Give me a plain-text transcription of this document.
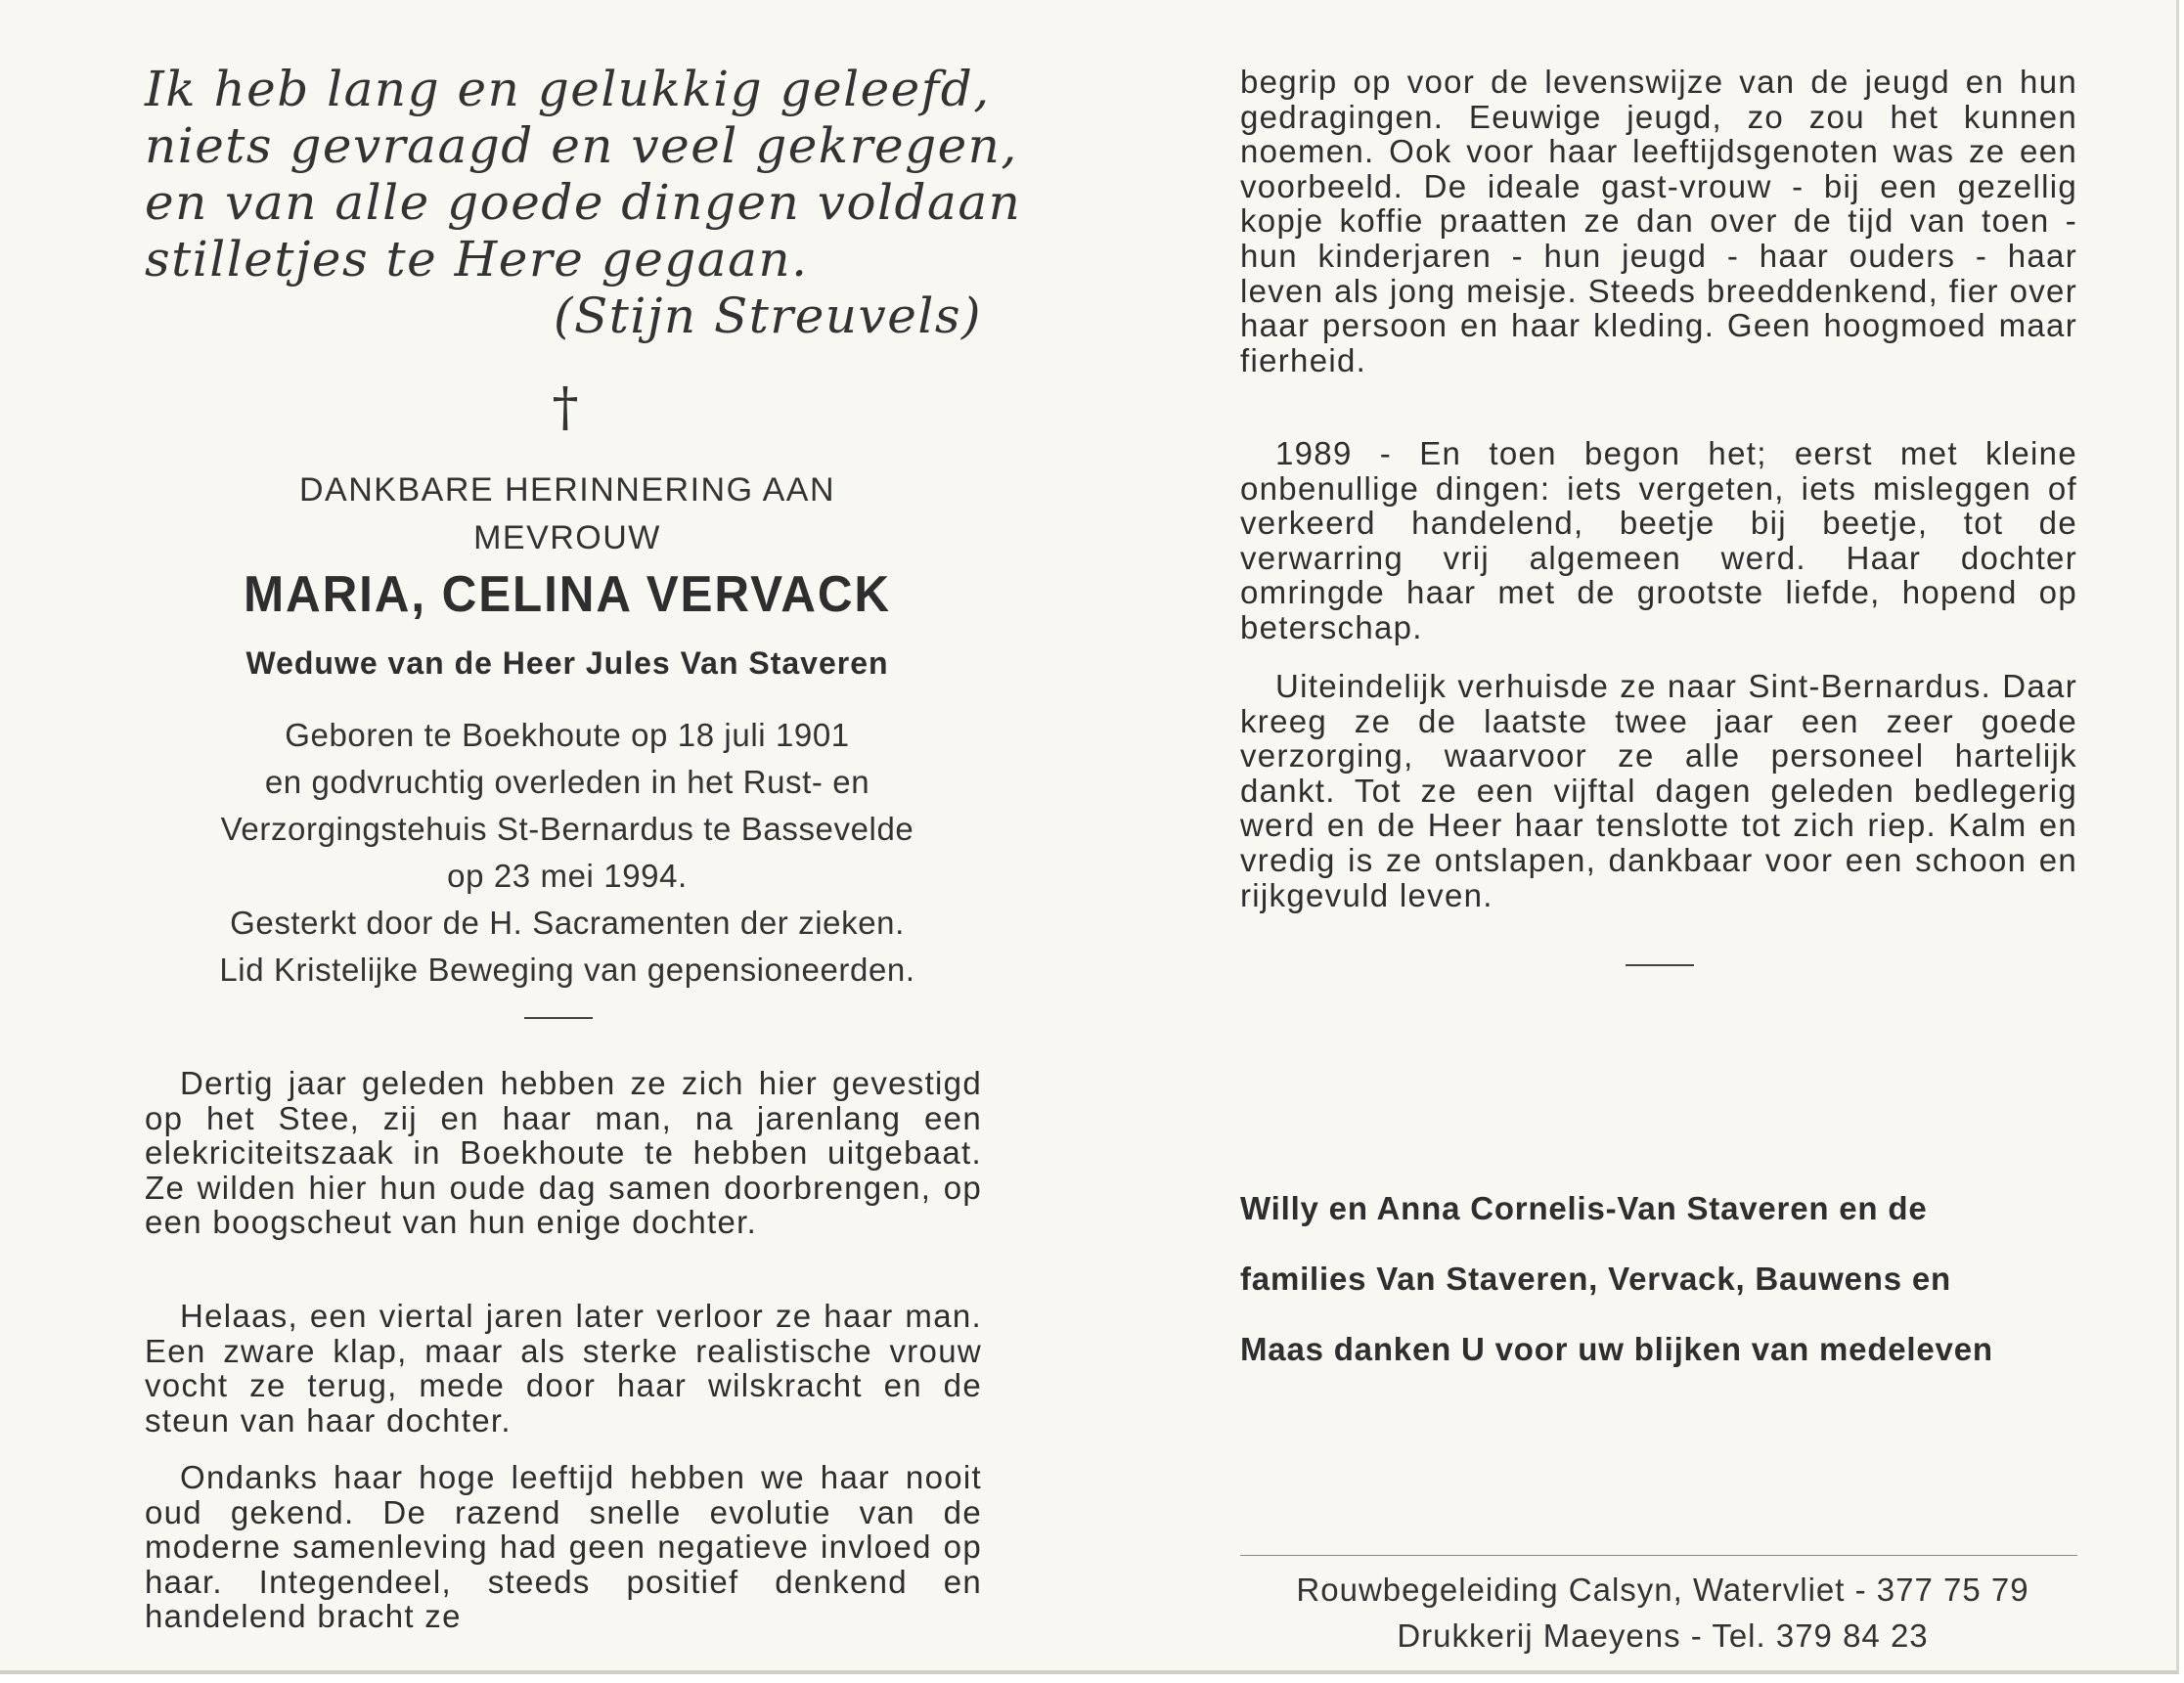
Ik heb lang en gelukkig geleefd,
niets gevraagd en veel gekregen,
en van alle goede dingen voldaan
stilletjes te Here gegaan.
(Stijn Streuvels)
†
DANKBARE HERINNERING AAN
MEVROUW
MARIA, CELINA VERVACK
Weduwe van de Heer Jules Van Staveren
Geboren te Boekhoute op 18 juli 1901
en godvruchtig overleden in het Rust- en
Verzorgingstehuis St-Bernardus te Bassevelde
op 23 mei 1994.
Gesterkt door de H. Sacramenten der zieken.
Lid Kristelijke Beweging van gepensioneerden.
Dertig jaar geleden hebben ze zich hier gevestigd op het Stee, zij en haar man, na jarenlang een elekriciteitszaak in Boekhoute te hebben uitgebaat. Ze wilden hier hun oude dag samen doorbrengen, op een boogscheut van hun enige dochter.
Helaas, een viertal jaren later verloor ze haar man. Een zware klap, maar als sterke realistische vrouw vocht ze terug, mede door haar wilskracht en de steun van haar dochter.
Ondanks haar hoge leeftijd hebben we haar nooit oud gekend. De razend snelle evolutie van de moderne samenleving had geen negatieve invloed op haar. Integendeel, steeds positief denkend en handelend bracht ze
begrip op voor de levenswijze van de jeugd en hun gedragingen. Eeuwige jeugd, zo zou het kunnen noemen. Ook voor haar leeftijdsgenoten was ze een voorbeeld. De ideale gast-vrouw - bij een gezellig kopje koffie praatten ze dan over de tijd van toen - hun kinderjaren - hun jeugd - haar ouders - haar leven als jong meisje. Steeds breeddenkend, fier over haar persoon en haar kleding. Geen hoogmoed maar fierheid.
1989 - En toen begon het; eerst met kleine onbenullige dingen: iets vergeten, iets misleggen of verkeerd handelend, beetje bij beetje, tot de verwarring vrij algemeen werd. Haar dochter omringde haar met de grootste liefde, hopend op beterschap.
Uiteindelijk verhuisde ze naar Sint-Bernardus. Daar kreeg ze de laatste twee jaar een zeer goede verzorging, waarvoor ze alle personeel hartelijk dankt. Tot ze een vijftal dagen geleden bedlegerig werd en de Heer haar tenslotte tot zich riep. Kalm en vredig is ze ontslapen, dankbaar voor een schoon en rijkgevuld leven.
Willy en Anna Cornelis-Van Staveren en de
families Van Staveren, Vervack, Bauwens en
Maas danken U voor uw blijken van medeleven
Rouwbegeleiding Calsyn, Watervliet - 377 75 79
Drukkerij Maeyens - Tel. 379 84 23
